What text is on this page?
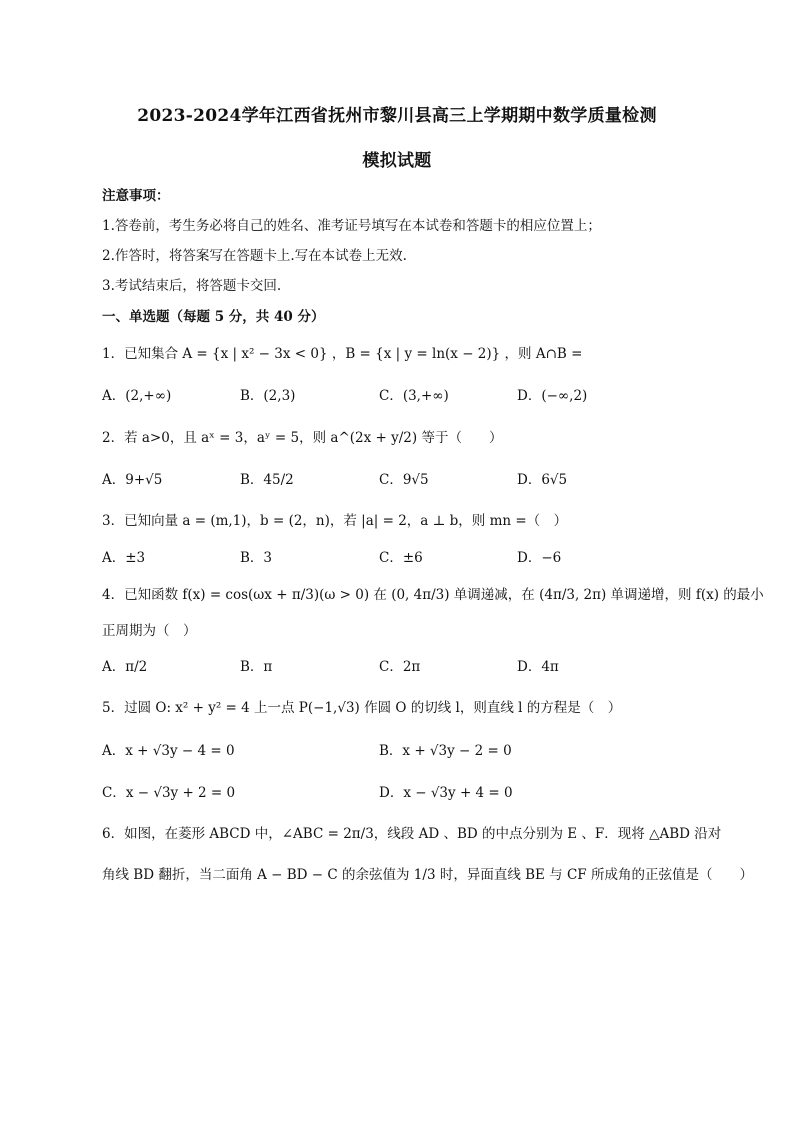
2023-2024学年江西省抚州市黎川县高三上学期期中数学质量检测
模拟试题
注意事项：
1.答卷前，考生务必将自己的姓名、准考证号填写在本试卷和答题卡的相应位置上；
2.作答时，将答案写在答题卡上.写在本试卷上无效.
3.考试结束后，将答题卡交回.
一、单选题（每题 5 分，共 40 分）
1．已知集合 A = {x | x² − 3x < 0} ，B = {x | y = ln(x − 2)} ，则 A∩B =
A．(2,+∞)	B．(2,3)	C．(3,+∞)	D．(−∞,2)
2．若 a>0，且 aˣ = 3，aʸ = 5，则 a^(2x + y/2) 等于（　　）
A．9+√5	B．45/2	C．9√5	D．6√5
3．已知向量 a = (m,1)，b = (2，n)，若 |a| = 2，a ⊥ b，则 mn =（　）
A．±3	B．3	C．±6	D．−6
4．已知函数 f(x) = cos(ωx + π/3)(ω > 0) 在 (0, 4π/3) 单调递减，在 (4π/3, 2π) 单调递增，则 f(x) 的最小
正周期为（　）
A．π/2	B．π	C．2π	D．4π
5．过圆 O: x² + y² = 4 上一点 P(−1,√3) 作圆 O 的切线 l，则直线 l 的方程是（　）
A．x + √3y − 4 = 0	B．x + √3y − 2 = 0
C．x − √3y + 2 = 0	D．x − √3y + 4 = 0
6．如图，在菱形 ABCD 中，∠ABC = 2π/3，线段 AD 、BD 的中点分别为 E 、F．现将 △ABD 沿对
角线 BD 翻折，当二面角 A − BD − C 的余弦值为 1/3 时，异面直线 BE 与 CF 所成角的正弦值是（　　）
